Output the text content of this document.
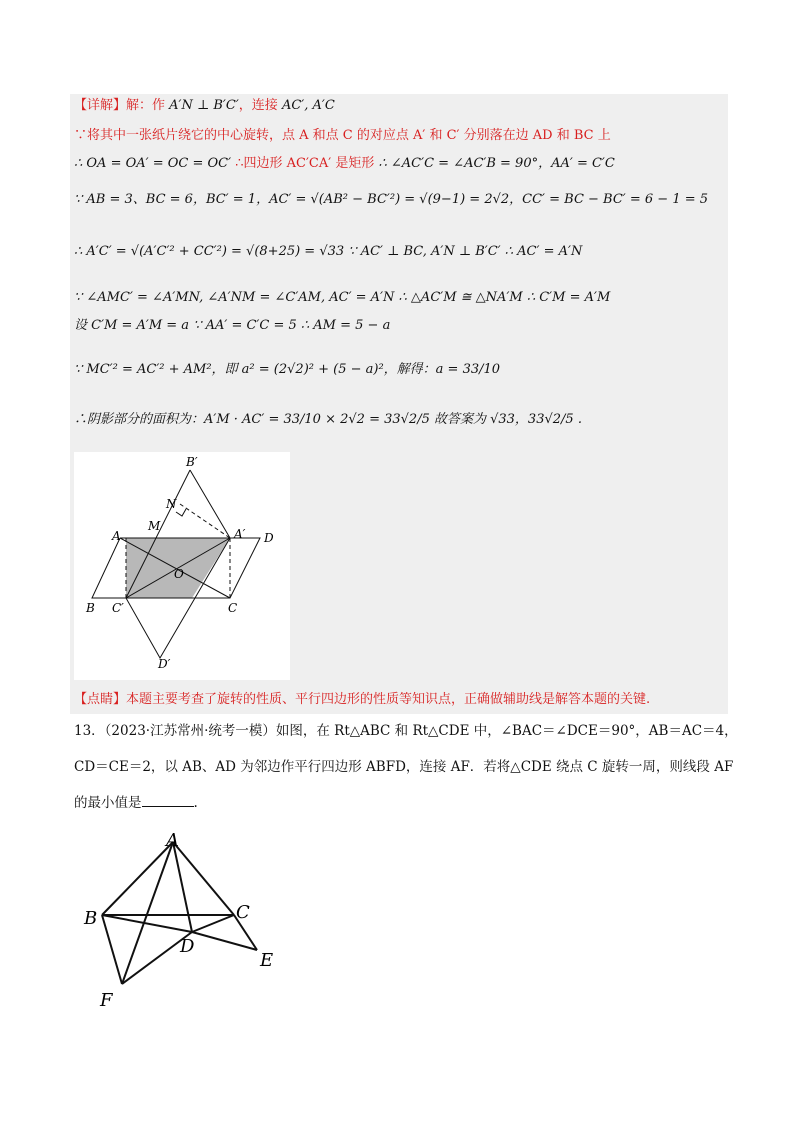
【详解】解：作 A′N ⊥ B′C′，连接 AC′, A′C
∵将其中一张纸片绕它的中心旋转，点 A 和点 C 的对应点 A′ 和 C′ 分别落在边 AD 和 BC 上
∴ OA = OA′ = OC = OC′ ∴四边形 AC′CA′ 是矩形 ∴ ∠AC′C = ∠AC′B = 90°，AA′ = C′C
∵ AB = 3、BC = 6，BC′ = 1，AC′ = √(AB² − BC′²) = √(9−1) = 2√2，CC′ = BC − BC′ = 6 − 1 = 5
∴ A′C′ = √(A′C′² + CC′²) = √(8+25) = √33 ∵ AC′ ⊥ BC, A′N ⊥ B′C′ ∴ AC′ = A′N
∵ ∠AMC′ = ∠A′MN, ∠A′NM = ∠C′AM, AC′ = A′N ∴ △AC′M ≅ △NA′M ∴ C′M = A′M
设 C′M = A′M = a ∵ AA′ = C′C = 5 ∴ AM = 5 − a
∵ MC′² = AC′² + AM²，即 a² = (2√2)² + (5 − a)²，解得：a = 33/10
∴阴影部分的面积为：A′M · AC′ = 33/10 × 2√2 = 33√2/5 故答案为 √33，33√2/5 .
B′
N
M
A	A′ D
O
B C′	C
D′
【点睛】本题主要考查了旋转的性质、平行四边形的性质等知识点，正确做辅助线是解答本题的关键.
13．（2023·江苏常州·统考一模）如图，在 Rt△ABC 和 Rt△CDE 中，∠BAC＝∠DCE＝90°，AB＝AC＝4，
CD＝CE＝2，以 AB、AD 为邻边作平行四边形 ABFD，连接 AF．若将△CDE 绕点 C 旋转一周，则线段 AF
的最小值是	.
A
B	C
D
E
F
